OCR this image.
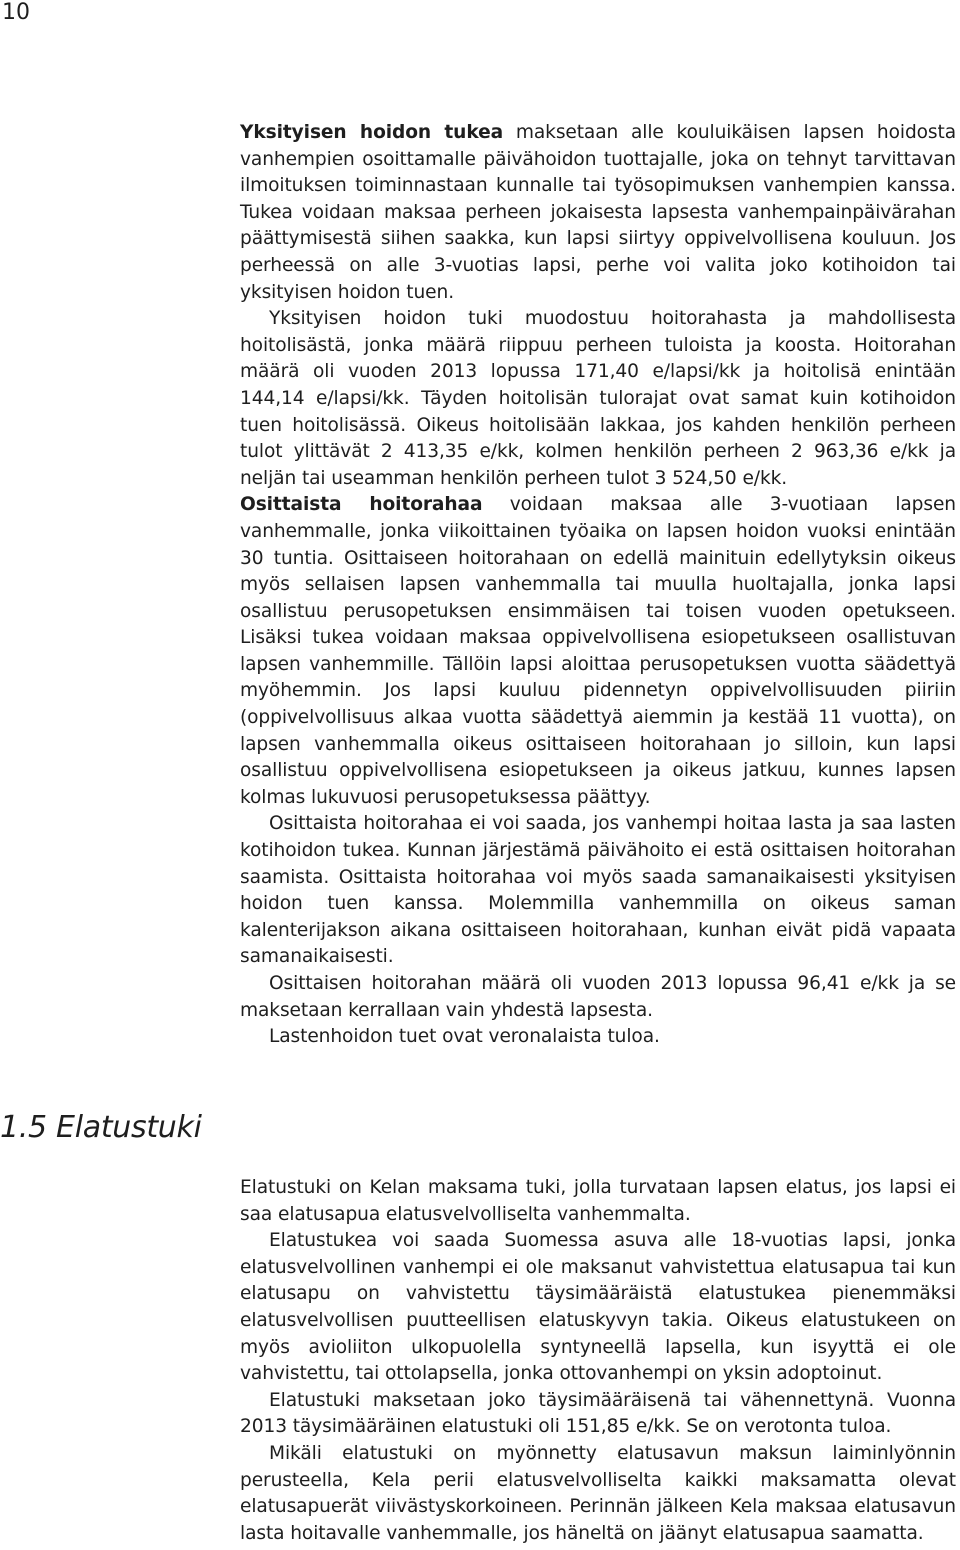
10

Yksityisen hoidon tukea maksetaan alle kouluikäisen lapsen hoidosta vanhempien osoittamalle päivähoidon tuottajalle, joka on tehnyt tarvittavan ilmoituksen toiminnastaan kunnalle tai työsopimuksen vanhempien kanssa. Tukea voidaan maksaa perheen jokaisesta lapsesta vanhempainpäivärahan päättymisestä siihen saakka, kun lapsi siirtyy oppivelvollisena kouluun. Jos perheessä on alle 3-vuotias lapsi, perhe voi valita joko kotihoidon tai yksityisen hoidon tuen.

Yksityisen hoidon tuki muodostuu hoitorahasta ja mahdollisesta hoitolisästä, jonka määrä riippuu perheen tuloista ja koosta. Hoitorahan määrä oli vuoden 2013 lopussa 171,40 e/lapsi/kk ja hoitolisä enintään 144,14 e/lapsi/kk. Täyden hoitolisän tulorajat ovat samat kuin kotihoidon tuen hoitolisässä. Oikeus hoitolisään lakkaa, jos kahden henkilön perheen tulot ylittävät 2 413,35 e/kk, kolmen henkilön perheen 2 963,36 e/kk ja neljän tai useamman henkilön perheen tulot 3 524,50 e/kk.

Osittaista hoitorahaa voidaan maksaa alle 3-vuotiaan lapsen vanhemmalle, jonka viikoittainen työaika on lapsen hoidon vuoksi enintään 30 tuntia. Osittaiseen hoitorahaan on edellä mainituin edellytyksin oikeus myös sellaisen lapsen vanhemmalla tai muulla huoltajalla, jonka lapsi osallistuu perusopetuksen ensimmäisen tai toisen vuoden opetukseen. Lisäksi tukea voidaan maksaa oppivelvollisena esiopetukseen osallistuvan lapsen vanhemmille. Tällöin lapsi aloittaa perusopetuksen vuotta säädettyä myöhemmin. Jos lapsi kuuluu pidennetyn oppivelvollisuuden piiriin (oppivelvollisuus alkaa vuotta säädettyä aiemmin ja kestää 11 vuotta), on lapsen vanhemmalla oikeus osittaiseen hoitorahaan jo silloin, kun lapsi osallistuu oppivelvollisena esiopetukseen ja oikeus jatkuu, kunnes lapsen kolmas lukuvuosi perusopetuksessa päättyy.

Osittaista hoitorahaa ei voi saada, jos vanhempi hoitaa lasta ja saa lasten kotihoidon tukea. Kunnan järjestämä päivähoito ei estä osittaisen hoitorahan saamista. Osittaista hoitorahaa voi myös saada samanaikaisesti yksityisen hoidon tuen kanssa. Molemmilla vanhemmilla on oikeus saman kalenterijakson aikana osittaiseen hoitorahaan, kunhan eivät pidä vapaata samanaikaisesti.

Osittaisen hoitorahan määrä oli vuoden 2013 lopussa 96,41 e/kk ja se maksetaan kerrallaan vain yhdestä lapsesta.

Lastenhoidon tuet ovat veronalaista tuloa.

1.5 Elatustuki

Elatustuki on Kelan maksama tuki, jolla turvataan lapsen elatus, jos lapsi ei saa elatusapua elatusvelvolliselta vanhemmalta.

Elatustukea voi saada Suomessa asuva alle 18-vuotias lapsi, jonka elatusvelvollinen vanhempi ei ole maksanut vahvistettua elatusapua tai kun elatusapu on vahvistettu täysimääräistä elatustukea pienemmäksi elatusvelvollisen puutteellisen elatuskyvyn takia. Oikeus elatustukeen on myös avioliiton ulkopuolella syntyneellä lapsella, kun isyyttä ei ole vahvistettu, tai ottolapsella, jonka ottovanhempi on yksin adoptoinut.

Elatustuki maksetaan joko täysimääräisenä tai vähennettynä. Vuonna 2013 täysimääräinen elatustuki oli 151,85 e/kk. Se on verotonta tuloa.

Mikäli elatustuki on myönnetty elatusavun maksun laiminlyönnin perusteella, Kela perii elatusvelvolliselta kaikki maksamatta olevat elatusapuerät viivästyskorkoineen. Perinnän jälkeen Kela maksaa elatusavun lasta hoitavalle vanhemmalle, jos häneltä on jäänyt elatusapua saamatta.
